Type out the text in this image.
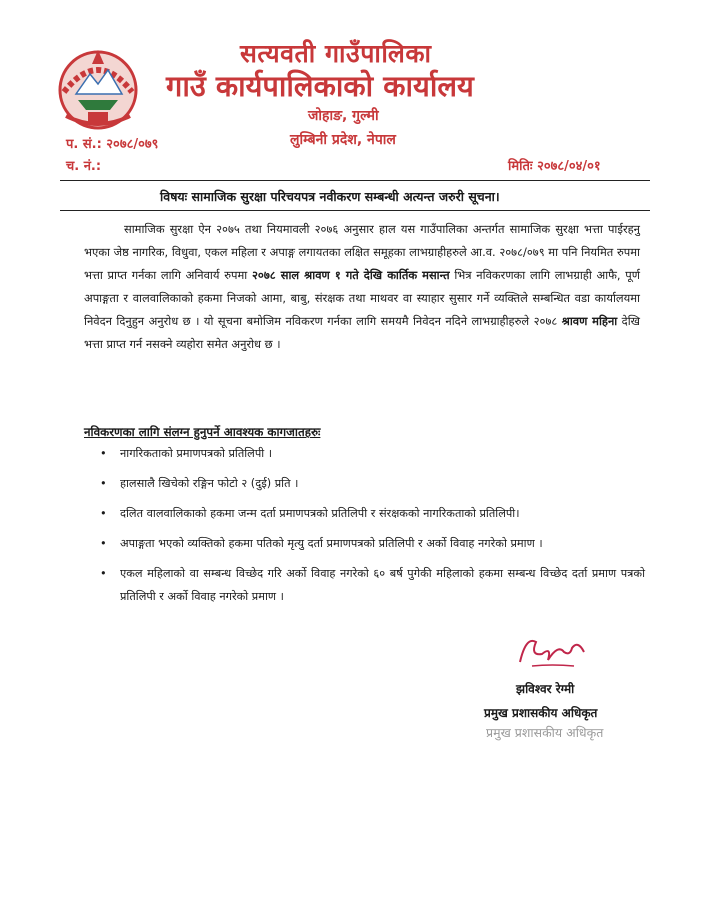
सत्यवती गाउँपालिका
गाउँ कार्यपालिकाको कार्यालय
जोहाङ, गुल्मी
लुम्बिनी प्रदेश, नेपाल
प. सं.: २०७८/०७९
च. नं.:	मितिः २०७८/०४/०१
विषयः सामाजिक सुरक्षा परिचयपत्र नवीकरण सम्बन्धी अत्यन्त जरुरी सूचना।

सामाजिक सुरक्षा ऐन २०७५ तथा नियमावली २०७६ अनुसार हाल यस गाउँपालिका अन्तर्गत सामाजिक सुरक्षा भत्ता पाईरहनु भएका जेष्ठ नागरिक, विधुवा, एकल महिला र अपाङ्ग लगायतका लक्षित समूहका लाभग्राहीहरुले आ.व. २०७८/०७९ मा पनि नियमित रुपमा भत्ता प्राप्त गर्नका लागि अनिवार्य रुपमा २०७८ साल श्रावण १ गते देखि कार्तिक मसान्त भित्र नविकरणका लागि लाभग्राही आफै, पूर्ण अपाङ्गता र वालवालिकाको हकमा निजको आमा, बाबु, संरक्षक तथा माथवर वा स्याहार सुसार गर्ने व्यक्तिले सम्बन्धित वडा कार्यालयमा निवेदन दिनुहुन अनुरोध छ । यो सूचना बमोजिम नविकरण गर्नका लागि समयमै निवेदन नदिने लाभग्राहीहरुले २०७८ श्रावण महिना देखि भत्ता प्राप्त गर्न नसक्ने व्यहोरा समेत अनुरोध छ ।

नविकरणका लागि संलग्न हुनुपर्ने आवश्यक कागजातहरुः
• नागरिकताको प्रमाणपत्रको प्रतिलिपी ।
• हालसालै खिचेको रङ्गिन फोटो २ (दुई) प्रति ।
• दलित वालवालिकाको हकमा जन्म दर्ता प्रमाणपत्रको प्रतिलिपी र संरक्षकको नागरिकताको प्रतिलिपी।
• अपाङ्गता भएको व्यक्तिको हकमा पतिको मृत्यु दर्ता प्रमाणपत्रको प्रतिलिपी र अर्को विवाह नगरेको प्रमाण ।
• एकल महिलाको वा सम्बन्ध विच्छेद गरि अर्को विवाह नगरेको ६० बर्ष पुगेकी महिलाको हकमा सम्बन्ध विच्छेद दर्ता प्रमाण पत्रको प्रतिलिपी र अर्को विवाह नगरेको प्रमाण ।
झविश्वर रेग्मी
प्रमुख प्रशासकीय अधिकृत
प्रमुख प्रशासकीय अधिकृत
